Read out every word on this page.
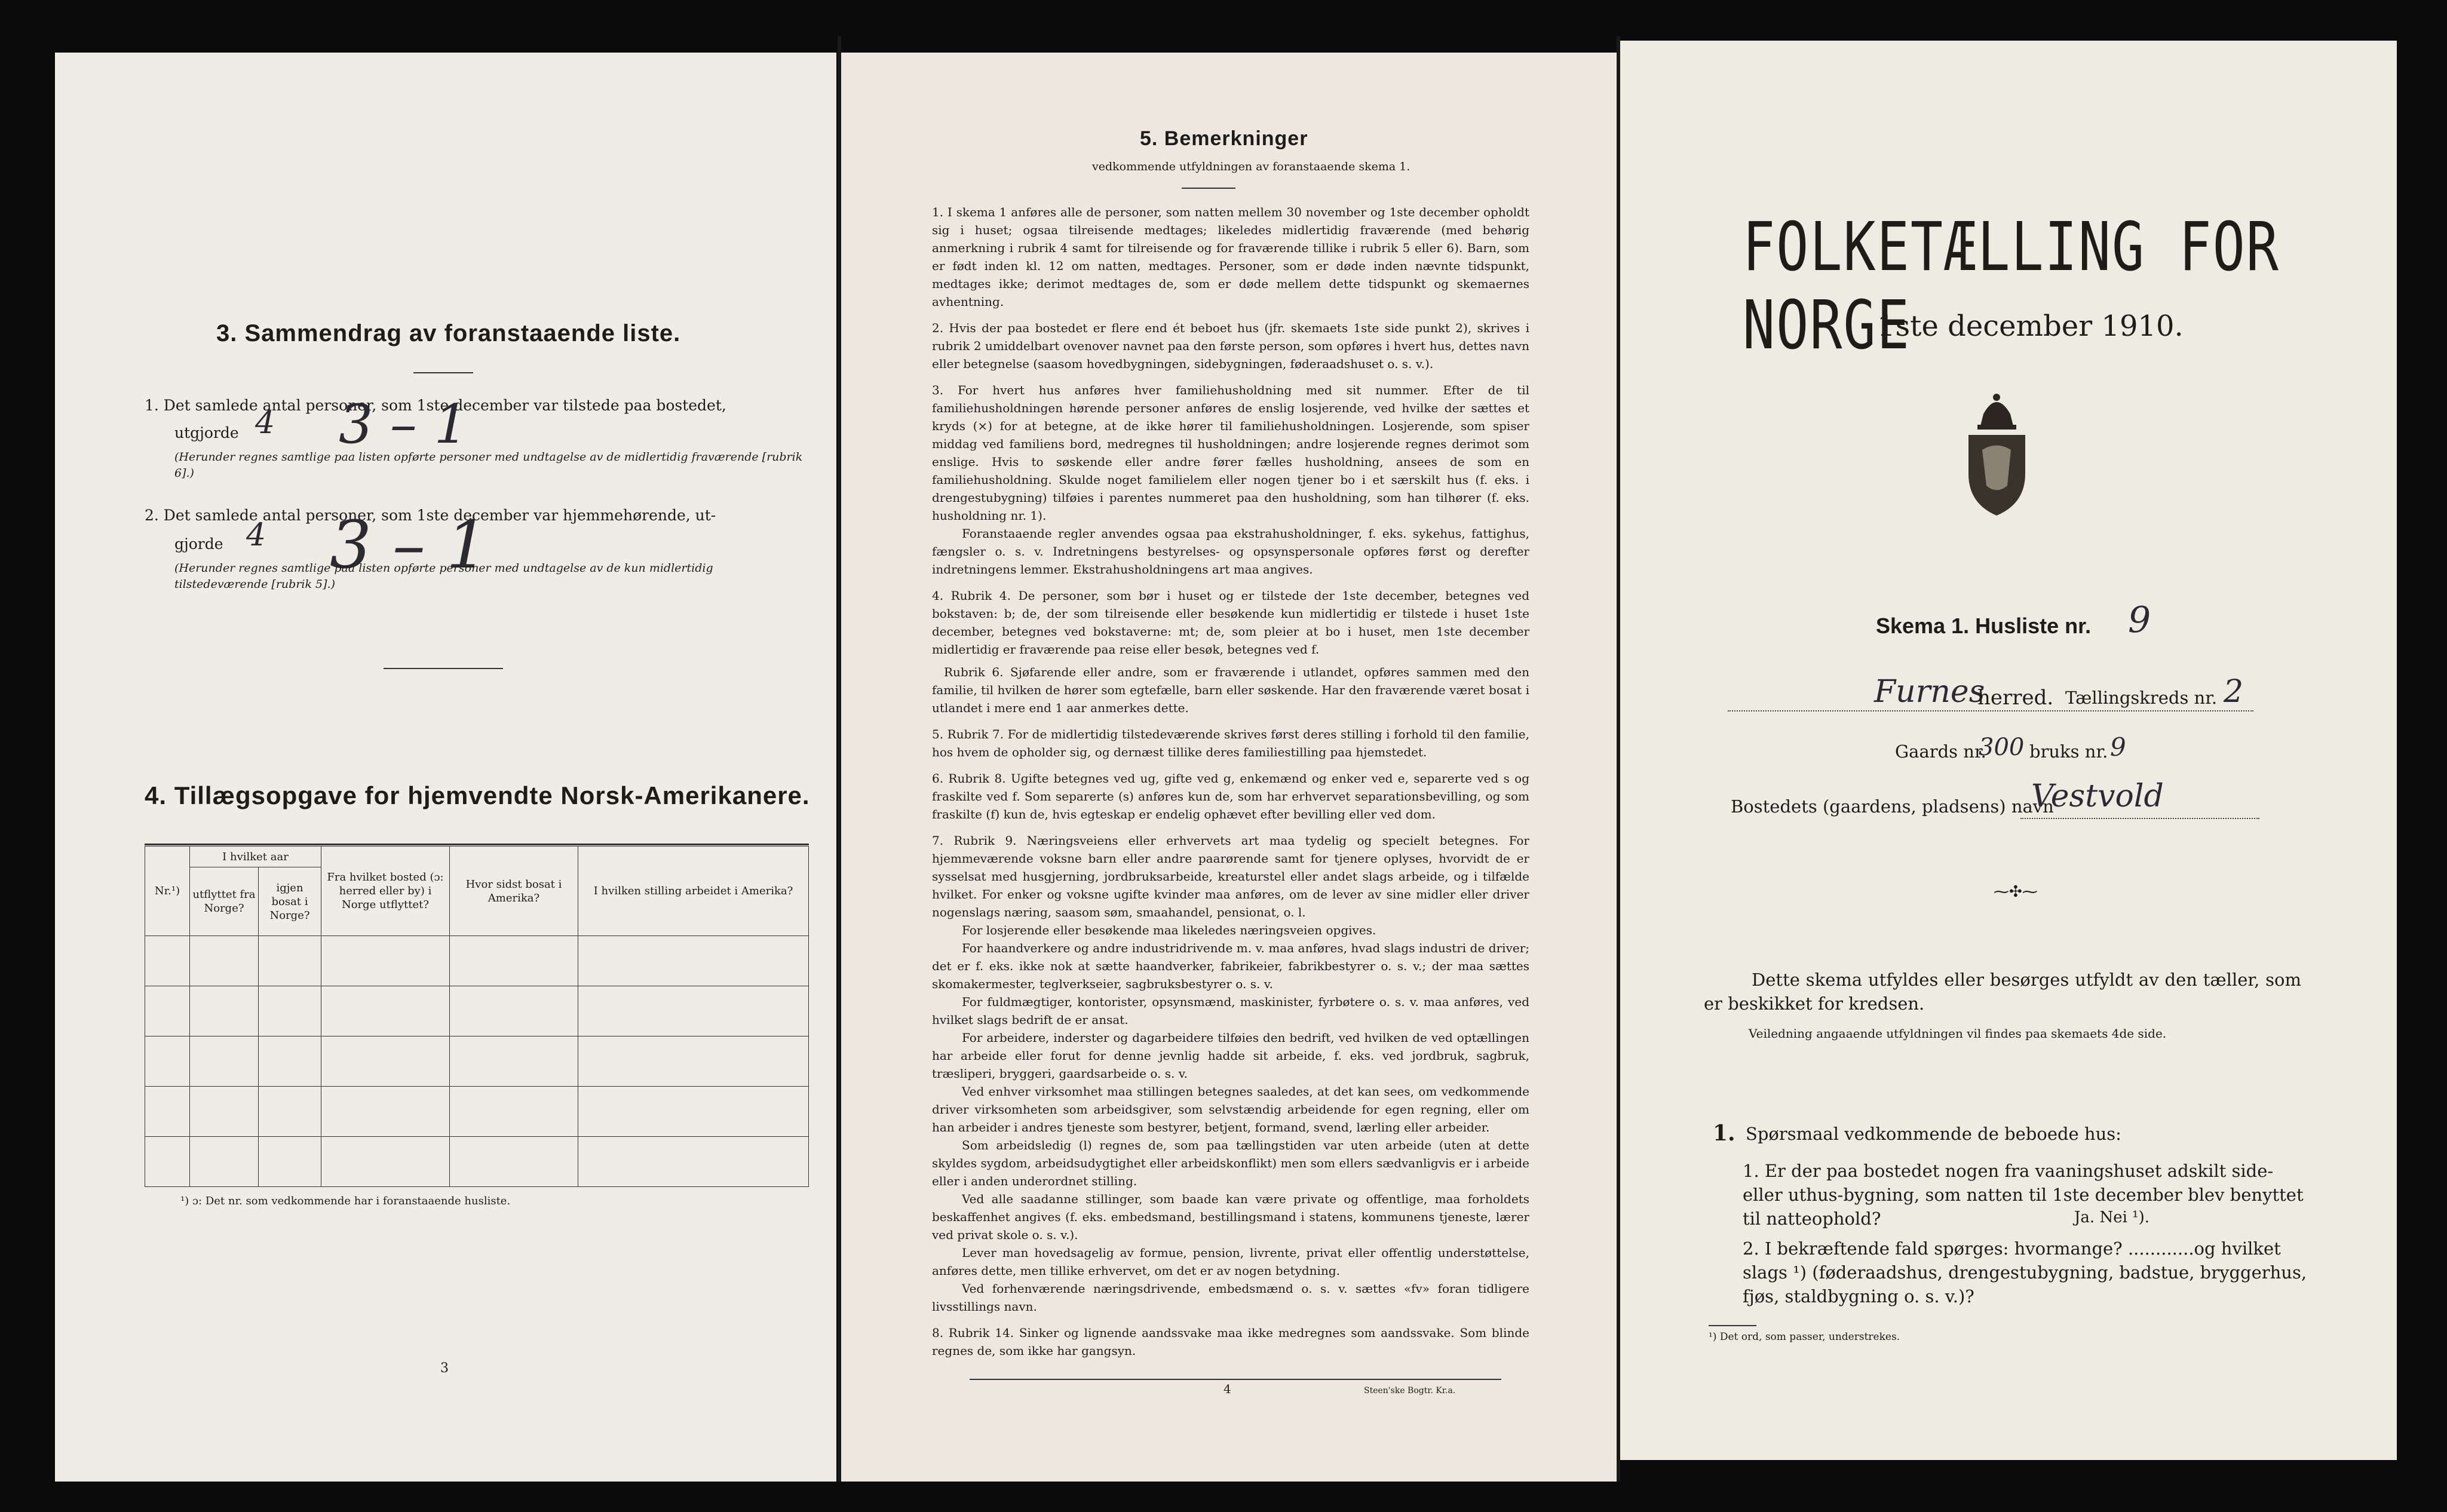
3. Sammendrag av foranstaaende liste.
1. Det samlede antal personer, som 1ste december var tilstede paa bostedet,
utgjorde 4 3 – 1
(Herunder regnes samtlige paa listen opførte personer med undtagelse av de midlertidig fraværende [rubrik 6].)
2. Det samlede antal personer, som 1ste december var hjemmehørende, ut-
gjorde 4 3 – 1
(Herunder regnes samtlige paa listen opførte personer med undtagelse av de kun midlertidig tilstedeværende [rubrik 5].)
4. Tillægsopgave for hjemvendte Norsk-Amerikanere.
Nr.¹)	I hvilket aar		Fra hvilket bosted (ɔ: herred eller by) i Norge utflyttet?	Hvor sidst bosat i Amerika?	I hvilken stilling arbeidet i Amerika?
	utflyttet fra Norge?	igjen bosat i Norge?			

¹) ɔ: Det nr. som vedkommende har i foranstaaende husliste.
3
5. Bemerkninger
vedkommende utfyldningen av foranstaaende skema 1.
1. I skema 1 anføres alle de personer, som natten mellem 30 november og 1ste december opholdt sig i huset; ogsaa tilreisende medtages; likeledes midlertidig fraværende (med behørig anmerkning i rubrik 4 samt for tilreisende og for fraværende tillike i rubrik 5 eller 6). Barn, som er født inden kl. 12 om natten, medtages. Personer, som er døde inden nævnte tidspunkt, medtages ikke; derimot medtages de, som er døde mellem dette tidspunkt og skemaernes avhentning.
2. Hvis der paa bostedet er flere end ét beboet hus (jfr. skemaets 1ste side punkt 2), skrives i rubrik 2 umiddelbart ovenover navnet paa den første person, som opføres i hvert hus, dettes navn eller betegnelse (saasom hovedbygningen, sidebygningen, føderaadshuset o. s. v.).
3. For hvert hus anføres hver familiehusholdning med sit nummer. Efter de til familiehusholdningen hørende personer anføres de enslig losjerende, ved hvilke der sættes et kryds (×) for at betegne, at de ikke hører til familiehusholdningen. Losjerende, som spiser middag ved familiens bord, medregnes til husholdningen; andre losjerende regnes derimot som enslige. Hvis to søskende eller andre fører fælles husholdning, ansees de som en familiehusholdning. Skulde noget familielem eller nogen tjener bo i et særskilt hus (f. eks. i drengestubygning) tilføies i parentes nummeret paa den husholdning, som han tilhører (f. eks. husholdning nr. 1).
Foranstaaende regler anvendes ogsaa paa ekstrahusholdninger, f. eks. sykehus, fattighus, fængsler o. s. v. Indretningens bestyrelses- og opsynspersonale opføres først og derefter indretningens lemmer. Ekstrahusholdningens art maa angives.
4. Rubrik 4. De personer, som bør i huset og er tilstede der 1ste december, betegnes ved bokstaven: b; de, der som tilreisende eller besøkende kun midlertidig er tilstede i huset 1ste december, betegnes ved bokstaverne: mt; de, som pleier at bo i huset, men 1ste december midlertidig er fraværende paa reise eller besøk, betegnes ved f.
Rubrik 6. Sjøfarende eller andre, som er fraværende i utlandet, opføres sammen med den familie, til hvilken de hører som egtefælle, barn eller søskende. Har den fraværende været bosat i utlandet i mere end 1 aar anmerkes dette.
5. Rubrik 7. For de midlertidig tilstedeværende skrives først deres stilling i forhold til den familie, hos hvem de opholder sig, og dernæst tillike deres familiestilling paa hjemstedet.
6. Rubrik 8. Ugifte betegnes ved ug, gifte ved g, enkemænd og enker ved e, separerte ved s og fraskilte ved f. Som separerte (s) anføres kun de, som har erhvervet separationsbevilling, og som fraskilte (f) kun de, hvis egteskap er endelig ophævet efter bevilling eller ved dom.
7. Rubrik 9. Næringsveiens eller erhvervets art maa tydelig og specielt betegnes. For hjemmeværende voksne barn eller andre paarørende samt for tjenere oplyses, hvorvidt de er sysselsat med husgjerning, jordbruksarbeide, kreaturstel eller andet slags arbeide, og i tilfælde hvilket. For enker og voksne ugifte kvinder maa anføres, om de lever av sine midler eller driver nogenslags næring, saasom søm, smaahandel, pensionat, o. l.
For losjerende eller besøkende maa likeledes næringsveien opgives.
For haandverkere og andre industridrivende m. v. maa anføres, hvad slags industri de driver; det er f. eks. ikke nok at sætte haandverker, fabrikeier, fabrikbestyrer o. s. v.; der maa sættes skomakermester, teglverkseier, sagbruksbestyrer o. s. v.
For fuldmægtiger, kontorister, opsynsmænd, maskinister, fyrbøtere o. s. v. maa anføres, ved hvilket slags bedrift de er ansat.
For arbeidere, inderster og dagarbeidere tilføies den bedrift, ved hvilken de ved optællingen har arbeide eller forut for denne jevnlig hadde sit arbeide, f. eks. ved jordbruk, sagbruk, træsliperi, bryggeri, gaardsarbeide o. s. v.
Ved enhver virksomhet maa stillingen betegnes saaledes, at det kan sees, om vedkommende driver virksomheten som arbeidsgiver, som selvstændig arbeidende for egen regning, eller om han arbeider i andres tjeneste som bestyrer, betjent, formand, svend, lærling eller arbeider.
Som arbeidsledig (l) regnes de, som paa tællingstiden var uten arbeide (uten at dette skyldes sygdom, arbeidsudygtighet eller arbeidskonflikt) men som ellers sædvanligvis er i arbeide eller i anden underordnet stilling.
Ved alle saadanne stillinger, som baade kan være private og offentlige, maa forholdets beskaffenhet angives (f. eks. embedsmand, bestillingsmand i statens, kommunens tjeneste, lærer ved privat skole o. s. v.).
Lever man hovedsagelig av formue, pension, livrente, privat eller offentlig understøttelse, anføres dette, men tillike erhvervet, om det er av nogen betydning.
Ved forhenværende næringsdrivende, embedsmænd o. s. v. sættes «fv» foran tidligere livsstillings navn.
8. Rubrik 14. Sinker og lignende aandssvake maa ikke medregnes som aandssvake. Som blinde regnes de, som ikke har gangsyn.
4	Steen'ske Bogtr. Kr.a.
FOLKETÆLLING FOR NORGE
1ste december 1910.
Skema 1. Husliste nr. 9
Furnes
herred. Tællingskreds nr. 2
Gaards nr.
300 bruks nr. 9
Bostedets (gaardens, pladsens) navn
Vestvold
⁓✣⁓
Dette skema utfyldes eller besørges utfyldt av den tæller, som er beskikket for kredsen.
Veiledning angaaende utfyldningen vil findes paa skemaets 4de side.
1. Spørsmaal vedkommende de beboede hus:
1. Er der paa bostedet nogen fra vaaningshuset adskilt side- eller uthus-bygning, som natten til 1ste december blev benyttet til natteophold?	Ja. Nei ¹).
2. I bekræftende fald spørges: hvormange? ............og hvilket slags ¹) (føderaadshus, drengestubygning, badstue, bryggerhus, fjøs, staldbygning o. s. v.)?
¹) Det ord, som passer, understrekes.
